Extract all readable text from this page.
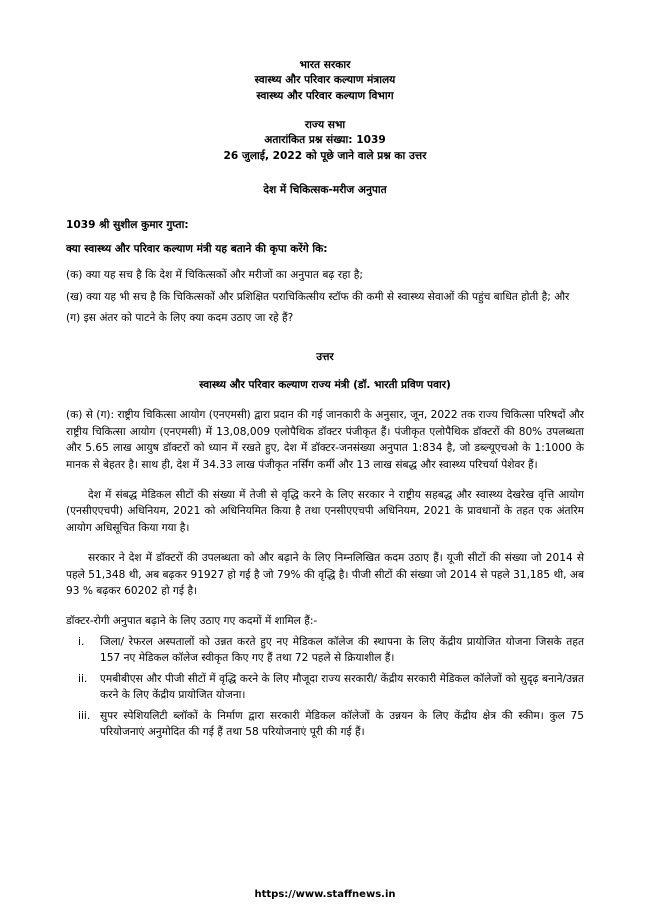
भारत सरकार
स्वास्थ्य और परिवार कल्याण मंत्रालय
स्वास्थ्य और परिवार कल्याण विभाग
राज्य सभा
अतारांकित प्रश्न संख्या: 1039
26 जुलाई, 2022 को पूछे जाने वाले प्रश्न का उत्तर
देश में चिकित्सक-मरीज अनुपात
1039 श्री सुशील कुमार गुप्ता:
क्या स्वास्थ्य और परिवार कल्याण मंत्री यह बताने की कृपा करेंगे कि:

(क) क्या यह सच है कि देश में चिकित्सकों और मरीजों का अनुपात बढ़ रहा है;

(ख) क्या यह भी सच है कि चिकित्सकों और प्रशिक्षित पराचिकित्सीय स्टॉफ की कमी से स्वास्थ्य सेवाओं की पहुंच बाधित होती है; और

(ग) इस अंतर को पाटने के लिए क्या कदम उठाए जा रहे हैं?

उत्तर
स्वास्थ्य और परिवार कल्याण राज्य मंत्री (डॉ. भारती प्रविण पवार)

(क) से (ग): राष्ट्रीय चिकित्सा आयोग (एनएमसी) द्वारा प्रदान की गई जानकारी के अनुसार, जून, 2022 तक राज्य चिकित्सा परिषदों और राष्ट्रीय चिकित्सा आयोग (एनएमसी) में 13,08,009 एलोपैथिक डॉक्टर पंजीकृत हैं। पंजीकृत एलोपैथिक डॉक्टरों की 80% उपलब्धता और 5.65 लाख आयुष डॉक्टरों को ध्यान में रखते हुए, देश में डॉक्टर-जनसंख्या अनुपात 1:834 है, जो डब्ल्यूएचओ के 1:1000 के मानक से बेहतर है। साथ ही, देश में 34.33 लाख पंजीकृत नर्सिंग कर्मी और 13 लाख संबद्ध और स्वास्थ्य परिचर्या पेशेवर हैं।

देश में संबद्ध मेडिकल सीटों की संख्या में तेजी से वृद्धि करने के लिए सरकार ने राष्ट्रीय सहबद्ध और स्वास्थ्य देखरेख वृत्ति आयोग (एनसीएएचपी) अधिनियम, 2021 को अधिनियमित किया है तथा एनसीएएचपी अधिनियम, 2021 के प्रावधानों के तहत एक अंतरिम आयोग अधिसूचित किया गया है।

सरकार ने देश में डॉक्टरों की उपलब्धता को और बढ़ाने के लिए निम्नलिखित कदम उठाए हैं। यूजी सीटों की संख्या जो 2014 से पहले 51,348 थी, अब बढ़कर 91927 हो गई है जो 79% की वृद्धि है। पीजी सीटों की संख्या जो 2014 से पहले 31,185 थी, अब 93 % बढ़कर 60202 हो गई है।

डॉक्टर-रोगी अनुपात बढ़ाने के लिए उठाए गए कदमों में शामिल हैं:-
i.	जिला/ रेफरल अस्पतालों को उन्नत करते हुए नए मेडिकल कॉलेज की स्थापना के लिए केंद्रीय प्रायोजित योजना जिसके तहत 157 नए मेडिकल कॉलेज स्वीकृत किए गए हैं तथा 72 पहले से क्रियाशील हैं।
ii.	एमबीबीएस और पीजी सीटों में वृद्धि करने के लिए मौजूदा राज्य सरकारी/ केंद्रीय सरकारी मेडिकल कॉलेजों को सुदृढ़ बनाने/उन्नत करने के लिए केंद्रीय प्रायोजित योजना।
iii. सुपर स्पेशियलिटी ब्लॉकों के निर्माण द्वारा सरकारी मेडिकल कॉलेजों के उन्नयन के लिए केंद्रीय क्षेत्र की स्कीम। कुल 75 परियोजनाएं अनुमोदित की गई हैं तथा 58 परियोजनाएं पूरी की गई हैं।
https://www.staffnews.in
